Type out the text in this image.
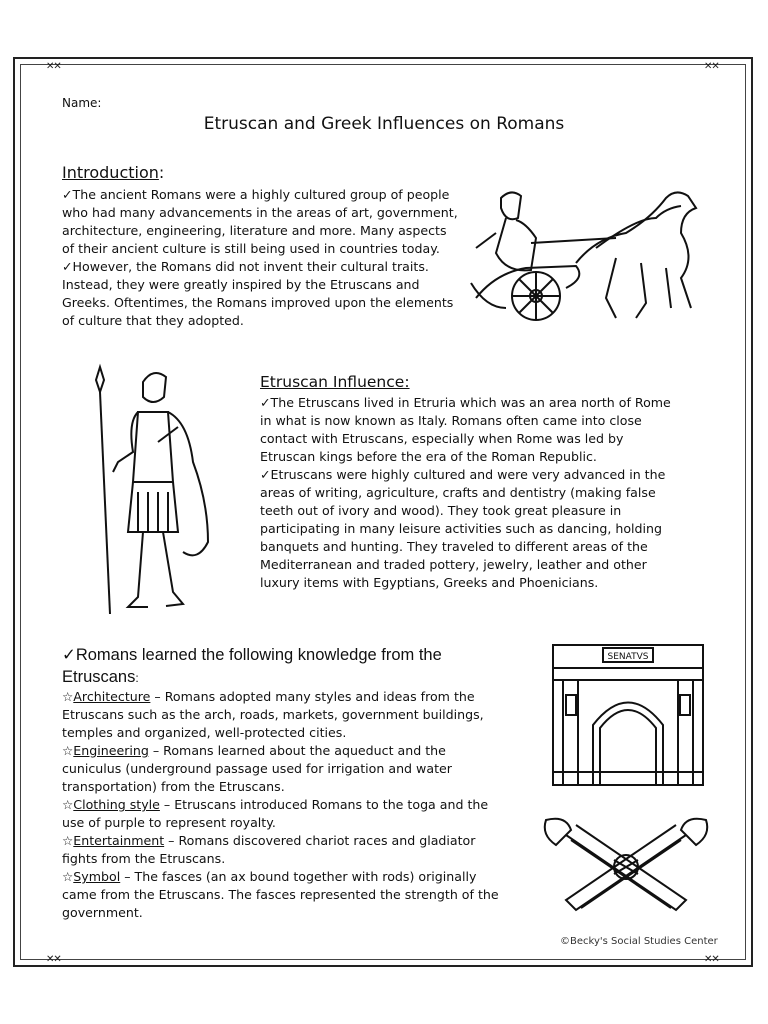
✕✕	✕✕
✕✕	✕✕
Name:
Etruscan and Greek Influences on Romans
Introduction:

✓The ancient Romans were a highly cultured group of people who had many advancements in the areas of art, government, architecture, engineering, literature and more. Many aspects of their ancient culture is still being used in countries today.

✓However, the Romans did not invent their cultural traits. Instead, they were greatly inspired by the Etruscans and Greeks. Oftentimes, the Romans improved upon the elements of culture that they adopted.

Etruscan Influence:

✓The Etruscans lived in Etruria which was an area north of Rome in what is now known as Italy. Romans often came into close contact with Etruscans, especially when Rome was led by Etruscan kings before the era of the Roman Republic.

✓Etruscans were highly cultured and were very advanced in the areas of writing, agriculture, crafts and dentistry (making false teeth out of ivory and wood). They took great pleasure in participating in many leisure activities such as dancing, holding banquets and hunting. They traveled to different areas of the Mediterranean and traded pottery, jewelry, leather and other luxury items with Egyptians, Greeks and Phoenicians.

✓Romans learned the following knowledge from the Etruscans:

☆Architecture – Romans adopted many styles and ideas from the Etruscans such as the arch, roads, markets, government buildings, temples and organized, well-protected cities.

☆Engineering – Romans learned about the aqueduct and the cuniculus (underground passage used for irrigation and water transportation) from the Etruscans.

☆Clothing style – Etruscans introduced Romans to the toga and the use of purple to represent royalty.

☆Entertainment – Romans discovered chariot races and gladiator fights from the Etruscans.

☆Symbol – The fasces (an ax bound together with rods) originally came from the Etruscans. The fasces represented the strength of the government.

SENATVS
©Becky's Social Studies Center
